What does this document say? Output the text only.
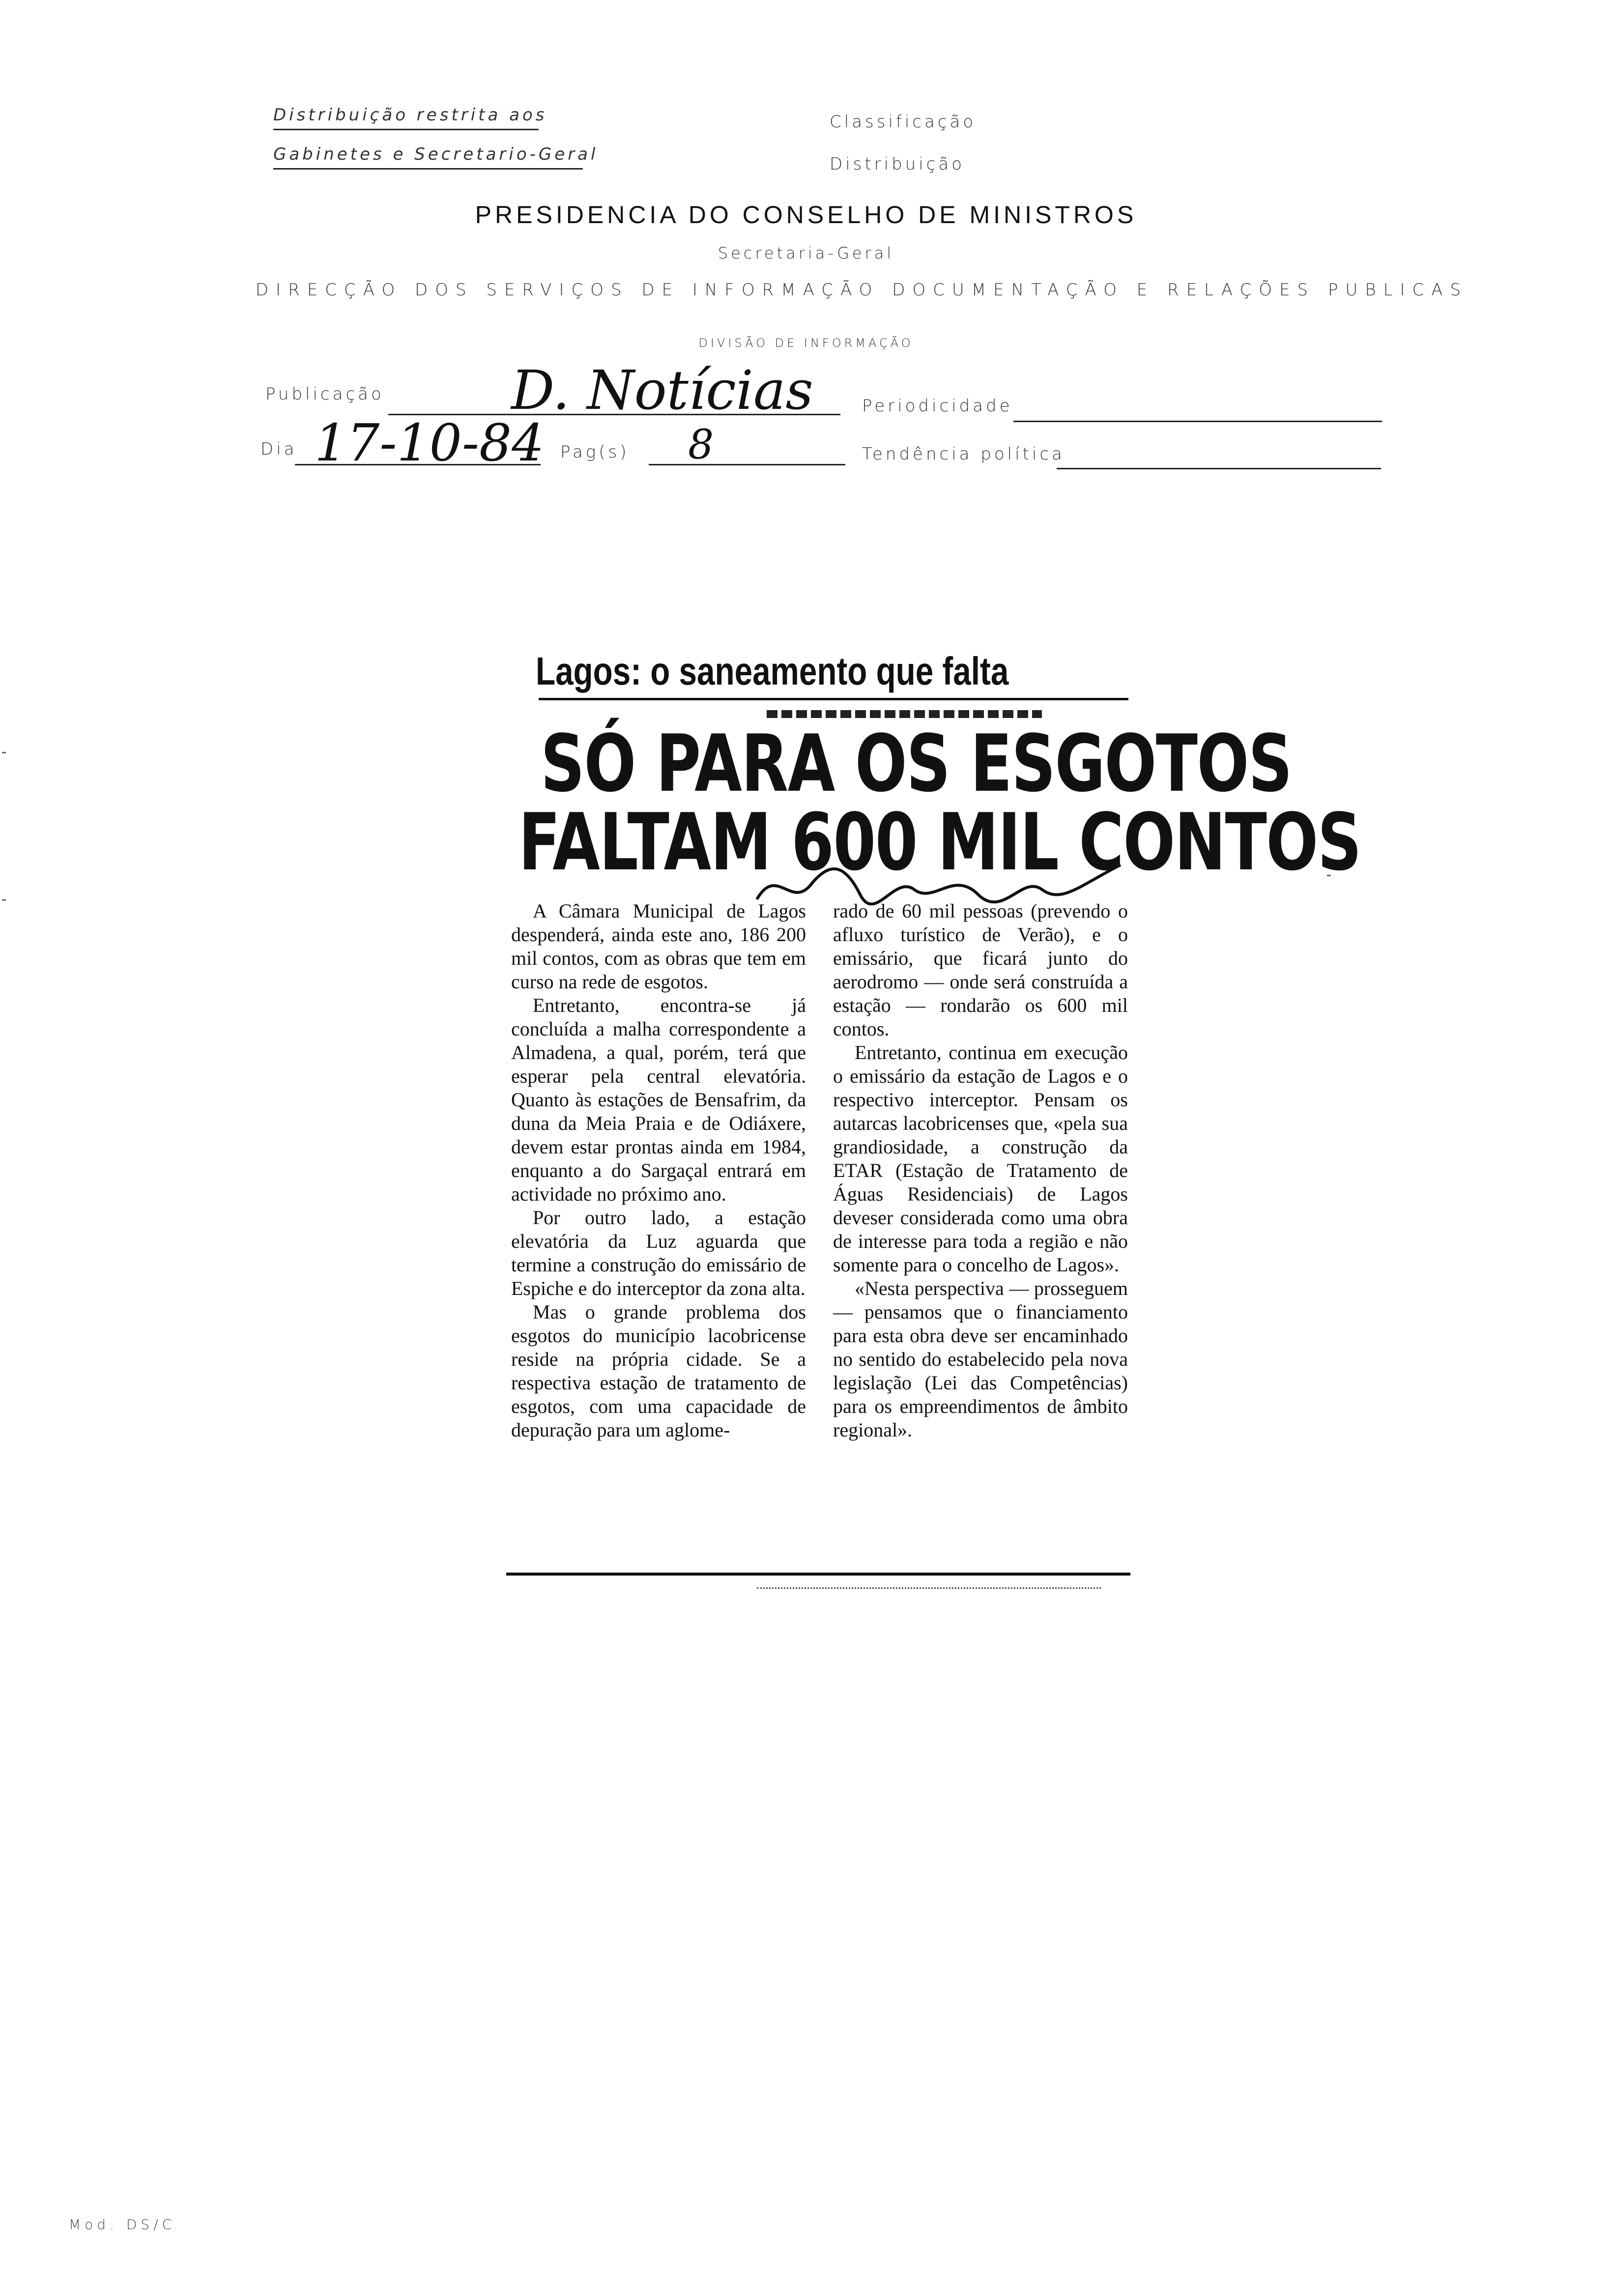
Distribuição restrita aos
Gabinetes e Secretario-Geral
Classificação
Distribuição
PRESIDENCIA DO CONSELHO DE MINISTROS
Secretaria-Geral
DIRECÇÃO DOS SERVIÇOS DE INFORMAÇÃO DOCUMENTAÇÃO E RELAÇÕES PUBLICAS
DIVISÃO DE INFORMAÇÃO
Publicação D. Notícias	Periodicidade
Dia 17-10-84 Pag(s) 8	Tendência política
Lagos: o saneamento que falta
SÓ PARA OS ESGOTOS
FALTAM 600 MIL CONTOS

A Câmara Municipal de Lagos despenderá, ainda este ano, 186 200 mil contos, com as obras que tem em curso na rede de esgotos.

Entretanto, encontra-se já concluída a malha correspondente a Almadena, a qual, porém, terá que esperar pela central elevatória. Quanto às estações de Bensafrim, da duna da Meia Praia e de Odiáxere, devem estar prontas ainda em 1984, enquanto a do Sargaçal entrará em actividade no próximo ano.

Por outro lado, a estação elevatória da Luz aguarda que termine a construção do emissário de Espiche e do interceptor da zona alta.

Mas o grande problema dos esgotos do município lacobricense reside na própria cidade. Se a respectiva estação de tratamento de esgotos, com uma capacidade de depuração para um aglome-

rado de 60 mil pessoas (prevendo o afluxo turístico de Verão), e o emissário, que ficará junto do aerodromo — onde será construída a estação — rondarão os 600 mil contos.

Entretanto, continua em execução o emissário da estação de Lagos e o respectivo interceptor. Pensam os autarcas lacobricenses que, «pela sua grandiosidade, a construção da ETAR (Estação de Tratamento de Águas Residenciais) de Lagos deveser considerada como uma obra de interesse para toda a região e não somente para o concelho de Lagos».

«Nesta perspectiva — prosseguem — pensamos que o financiamento para esta obra deve ser encaminhado no sentido do estabelecido pela nova legislação (Lei das Competências) para os empreendimentos de âmbito regional».

Mod. DS/C
